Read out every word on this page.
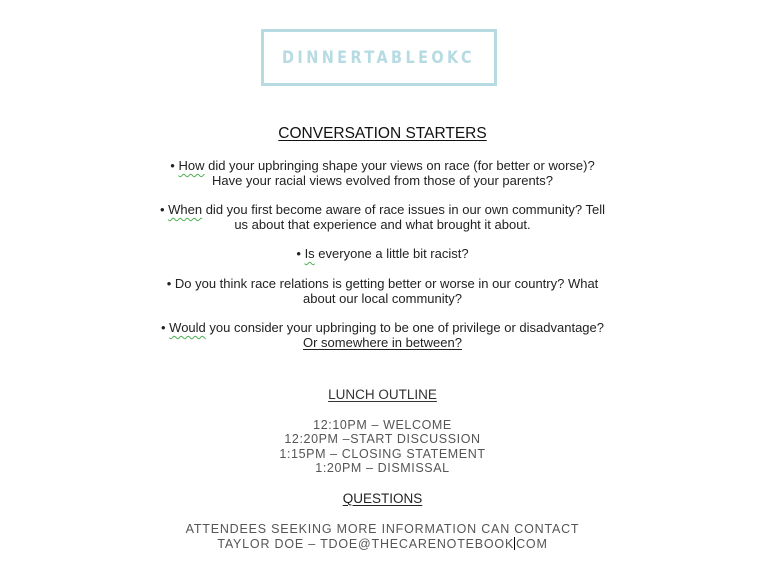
DINNERTABLEOKC
CONVERSATION STARTERS
• How did your upbringing shape your views on race (for better or worse)?
Have your racial views evolved from those of your parents?
• When did you first become aware of race issues in our own community? Tell
us about that experience and what brought it about.
• Is everyone a little bit racist?
• Do you think race relations is getting better or worse in our country? What
about our local community?
• Would you consider your upbringing to be one of privilege or disadvantage?
Or somewhere in between?
LUNCH OUTLINE
12:10PM – WELCOME
12:20PM –START DISCUSSION
1:15PM – CLOSING STATEMENT
1:20PM – DISMISSAL
QUESTIONS
ATTENDEES SEEKING MORE INFORMATION CAN CONTACT
TAYLOR DOE – TDOE@THECARENOTEBOOK COM
